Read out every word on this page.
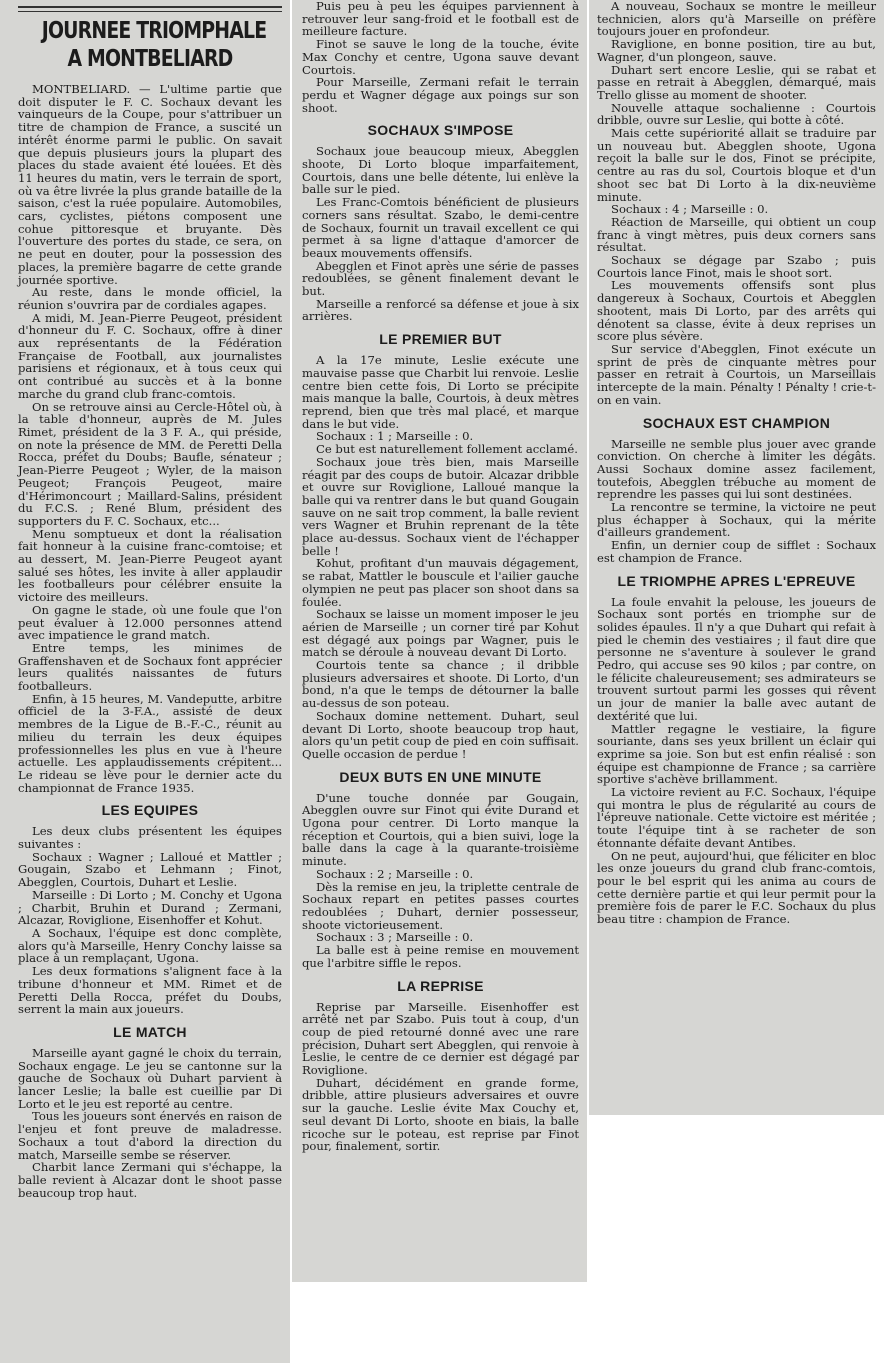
JOURNEE TRIOMPHALE
A MONTBELIARD

MONTBELIARD. — L'ultime partie que doit disputer le F. C. Sochaux devant les vainqueurs de la Coupe, pour s'attribuer un titre de champion de France, a suscité un intérêt énorme parmi le public. On savait que depuis plusieurs jours la plupart des places du stade avaient été louées. Et dès 11 heures du matin, vers le terrain de sport, où va être livrée la plus grande bataille de la saison, c'est la ruée populaire. Automobiles, cars, cyclistes, piétons composent une cohue pittoresque et bruyante. Dès l'ouverture des portes du stade, ce sera, on ne peut en douter, pour la possession des places, la première bagarre de cette grande journée sportive.

Au reste, dans le monde officiel, la réunion s'ouvrira par de cordiales agapes.

A midi, M. Jean-Pierre Peugeot, président d'honneur du F. C. Sochaux, offre à diner aux représentants de la Fédération Française de Football, aux journalistes parisiens et régionaux, et à tous ceux qui ont contribué au succès et à la bonne marche du grand club franc-comtois.

On se retrouve ainsi au Cercle-Hôtel où, à la table d'honneur, auprès de M. Jules Rimet, président de la 3 F. A., qui préside, on note la présence de MM. de Peretti Della Rocca, préfet du Doubs; Baufle, sénateur ; Jean-Pierre Peugeot ; Wyler, de la maison Peugeot; François Peugeot, maire d'Hérimoncourt ; Maillard-Salins, président du F.C.S. ; René Blum, président des supporters du F. C. Sochaux, etc...

Menu somptueux et dont la réalisation fait honneur à la cuisine franc-comtoise; et au dessert, M. Jean-Pierre Peugeot ayant salué ses hôtes, les invite à aller applaudir les footballeurs pour célébrer ensuite la victoire des meilleurs.

On gagne le stade, où une foule que l'on peut évaluer à 12.000 personnes attend avec impatience le grand match.

Entre temps, les minimes de Graffenshaven et de Sochaux font apprécier leurs qualités naissantes de futurs footballeurs.

Enfin, à 15 heures, M. Vandeputte, arbitre officiel de la 3-F.A., assisté de deux membres de la Ligue de B.-F.-C., réunit au milieu du terrain les deux équipes professionnelles les plus en vue à l'heure actuelle. Les applaudissements crépitent... Le rideau se lève pour le dernier acte du championnat de France 1935.

LES EQUIPES

Les deux clubs présentent les équipes suivantes :

Sochaux : Wagner ; Lalloué et Mattler ; Gougain, Szabo et Lehmann ; Finot, Abegglen, Courtois, Duhart et Leslie.

Marseille : Di Lorto ; M. Conchy et Ugona ; Charbit, Bruhin et Durand ; Zermani, Alcazar, Roviglione, Eisenhoffer et Kohut.

A Sochaux, l'équipe est donc complète, alors qu'à Marseille, Henry Conchy laisse sa place à un remplaçant, Ugona.

Les deux formations s'alignent face à la tribune d'honneur et MM. Rimet et de Peretti Della Rocca, préfet du Doubs, serrent la main aux joueurs.

LE MATCH

Marseille ayant gagné le choix du terrain, Sochaux engage. Le jeu se cantonne sur la gauche de Sochaux où Duhart parvient à lancer Leslie; la balle est cueillie par Di Lorto et le jeu est reporté au centre.

Tous les joueurs sont énervés en raison de l'enjeu et font preuve de maladresse. Sochaux a tout d'abord la direction du match, Marseille sembe se réserver.

Charbit lance Zermani qui s'échappe, la balle revient à Alcazar dont le shoot passe beaucoup trop haut.

Puis peu à peu les équipes parviennent à retrouver leur sang-froid et le football est de meilleure facture.

Finot se sauve le long de la touche, évite Max Conchy et centre, Ugona sauve devant Courtois.

Pour Marseille, Zermani refait le terrain perdu et Wagner dégage aux poings sur son shoot.

SOCHAUX S'IMPOSE

Sochaux joue beaucoup mieux, Abegglen shoote, Di Lorto bloque imparfaitement, Courtois, dans une belle détente, lui enlève la balle sur le pied.

Les Franc-Comtois bénéficient de plusieurs corners sans résultat. Szabo, le demi-centre de Sochaux, fournit un travail excellent ce qui permet à sa ligne d'attaque d'amorcer de beaux mouvements offensifs.

Abegglen et Finot après une série de passes redoublées, se gênent finalement devant le but.

Marseille a renforcé sa défense et joue à six arrières.

LE PREMIER BUT

A la 17e minute, Leslie exécute une mauvaise passe que Charbit lui renvoie. Leslie centre bien cette fois, Di Lorto se précipite mais manque la balle, Courtois, à deux mètres reprend, bien que très mal placé, et marque dans le but vide.

Sochaux : 1 ; Marseille : 0.

Ce but est naturellement follement acclamé.

Sochaux joue très bien, mais Marseille réagit par des coups de butoir. Alcazar dribble et ouvre sur Roviglione, Lalloué manque la balle qui va rentrer dans le but quand Gougain sauve on ne sait trop comment, la balle revient vers Wagner et Bruhin reprenant de la tête place au-dessus. Sochaux vient de l'échapper belle !

Kohut, profitant d'un mauvais dégagement, se rabat, Mattler le bouscule et l'ailier gauche olympien ne peut pas placer son shoot dans sa foulée.

Sochaux se laisse un moment imposer le jeu aérien de Marseille ; un corner tiré par Kohut est dégagé aux poings par Wagner, puis le match se déroule à nouveau devant Di Lorto.

Courtois tente sa chance ; il dribble plusieurs adversaires et shoote. Di Lorto, d'un bond, n'a que le temps de détourner la balle au-dessus de son poteau.

Sochaux domine nettement. Duhart, seul devant Di Lorto, shoote beaucoup trop haut, alors qu'un petit coup de pied en coin suffisait. Quelle occasion de perdue !

DEUX BUTS EN UNE MINUTE

D'une touche donnée par Gougain, Abegglen ouvre sur Finot qui évite Durand et Ugona pour centrer. Di Lorto manque la réception et Courtois, qui a bien suivi, loge la balle dans la cage à la quarante-troisième minute.

Sochaux : 2 ; Marseille : 0.

Dès la remise en jeu, la triplette centrale de Sochaux repart en petites passes courtes redoublées ; Duhart, dernier possesseur, shoote victorieusement.

Sochaux : 3 ; Marseille : 0.

La balle est à peine remise en mouvement que l'arbitre siffle le repos.

LA REPRISE

Reprise par Marseille. Eisenhoffer est arrêté net par Szabo. Puis tout à coup, d'un coup de pied retourné donné avec une rare précision, Duhart sert Abegglen, qui renvoie à Leslie, le centre de ce dernier est dégagé par Roviglione.

Duhart, décidément en grande forme, dribble, attire plusieurs adversaires et ouvre sur la gauche. Leslie évite Max Couchy et, seul devant Di Lorto, shoote en biais, la balle ricoche sur le poteau, est reprise par Finot pour, finalement, sortir.

A nouveau, Sochaux se montre le meilleur technicien, alors qu'à Marseille on préfère toujours jouer en profondeur.

Raviglione, en bonne position, tire au but, Wagner, d'un plongeon, sauve.

Duhart sert encore Leslie, qui se rabat et passe en retrait à Abegglen, démarqué, mais Trello glisse au moment de shooter.

Nouvelle attaque sochalienne : Courtois dribble, ouvre sur Leslie, qui botte à côté.

Mais cette supériorité allait se traduire par un nouveau but. Abegglen shoote, Ugona reçoit la balle sur le dos, Finot se précipite, centre au ras du sol, Courtois bloque et d'un shoot sec bat Di Lorto à la dix-neuvième minute.

Sochaux : 4 ; Marseille : 0.

Réaction de Marseille, qui obtient un coup franc à vingt mètres, puis deux corners sans résultat.

Sochaux se dégage par Szabo ; puis Courtois lance Finot, mais le shoot sort.

Les mouvements offensifs sont plus dangereux à Sochaux, Courtois et Abegglen shootent, mais Di Lorto, par des arrêts qui dénotent sa classe, évite à deux reprises un score plus sévère.

Sur service d'Abegglen, Finot exécute un sprint de près de cinquante mètres pour passer en retrait à Courtois, un Marseillais intercepte de la main. Pénalty ! Pénalty ! crie-t-on en vain.

SOCHAUX EST CHAMPION

Marseille ne semble plus jouer avec grande conviction. On cherche à limiter les dégâts. Aussi Sochaux domine assez facilement, toutefois, Abegglen trébuche au moment de reprendre les passes qui lui sont destinées.

La rencontre se termine, la victoire ne peut plus échapper à Sochaux, qui la mérite d'ailleurs grandement.

Enfin, un dernier coup de sifflet : Sochaux est champion de France.

LE TRIOMPHE APRES L'EPREUVE

La foule envahit la pelouse, les joueurs de Sochaux sont portés en triomphe sur de solides épaules. Il n'y a que Duhart qui refait à pied le chemin des vestiaires ; il faut dire que personne ne s'aventure à soulever le grand Pedro, qui accuse ses 90 kilos ; par contre, on le félicite chaleureusement; ses admirateurs se trouvent surtout parmi les gosses qui rêvent un jour de manier la balle avec autant de dextérité que lui.

Mattler regagne le vestiaire, la figure souriante, dans ses yeux brillent un éclair qui exprime sa joie. Son but est enfin réalisé : son équipe est championne de France ; sa carrière sportive s'achève brillamment.

La victoire revient au F.C. Sochaux, l'équipe qui montra le plus de régularité au cours de l'épreuve nationale. Cette victoire est méritée ; toute l'équipe tint à se racheter de son étonnante défaite devant Antibes.

On ne peut, aujourd'hui, que féliciter en bloc les onze joueurs du grand club franc-comtois, pour le bel esprit qui les anima au cours de cette dernière partie et qui leur permit pour la première fois de parer le F.C. Sochaux du plus beau titre : champion de France.
